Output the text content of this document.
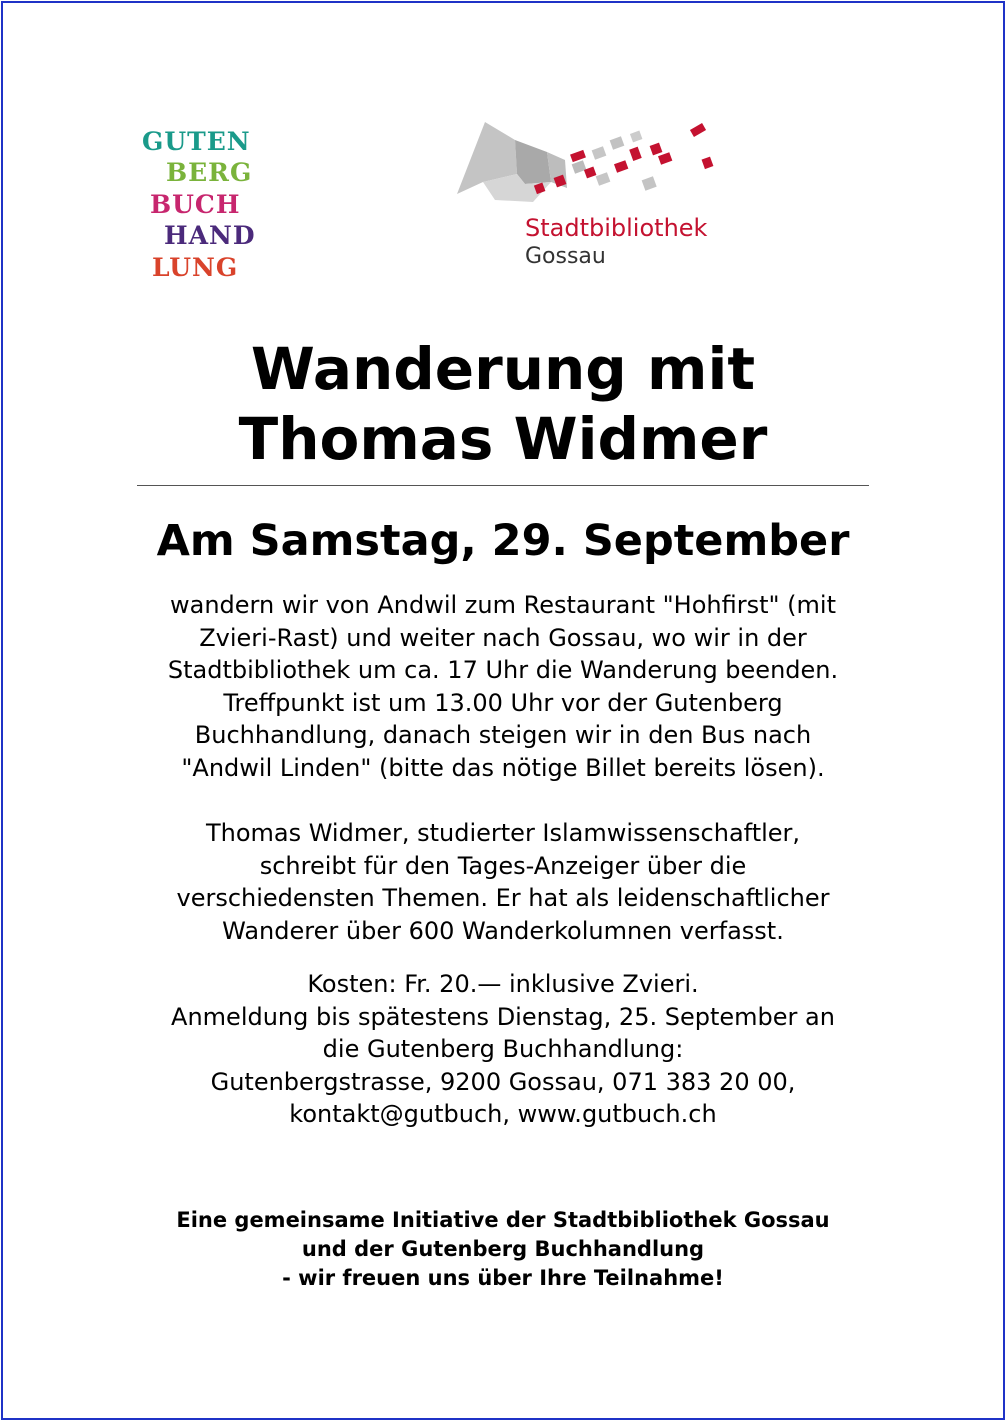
GUTEN
BERG
BUCH
HAND
LUNG
Stadtbibliothek
Gossau
Wanderung mit
Thomas Widmer
Am Samstag, 29. September
wandern wir von Andwil zum Restaurant "Hohfirst" (mit
Zvieri-Rast) und weiter nach Gossau, wo wir in der
Stadtbibliothek um ca. 17 Uhr die Wanderung beenden.
Treffpunkt ist um 13.00 Uhr vor der Gutenberg
Buchhandlung, danach steigen wir in den Bus nach
"Andwil Linden" (bitte das nötige Billet bereits lösen).
Thomas Widmer, studierter Islamwissenschaftler,
schreibt für den Tages-Anzeiger über die
verschiedensten Themen. Er hat als leidenschaftlicher
Wanderer über 600 Wanderkolumnen verfasst.
Kosten: Fr. 20.— inklusive Zvieri.
Anmeldung bis spätestens Dienstag, 25. September an
die Gutenberg Buchhandlung:
Gutenbergstrasse, 9200 Gossau, 071 383 20 00,
kontakt@gutbuch, www.gutbuch.ch
Eine gemeinsame Initiative der Stadtbibliothek Gossau
und der Gutenberg Buchhandlung
- wir freuen uns über Ihre Teilnahme!
